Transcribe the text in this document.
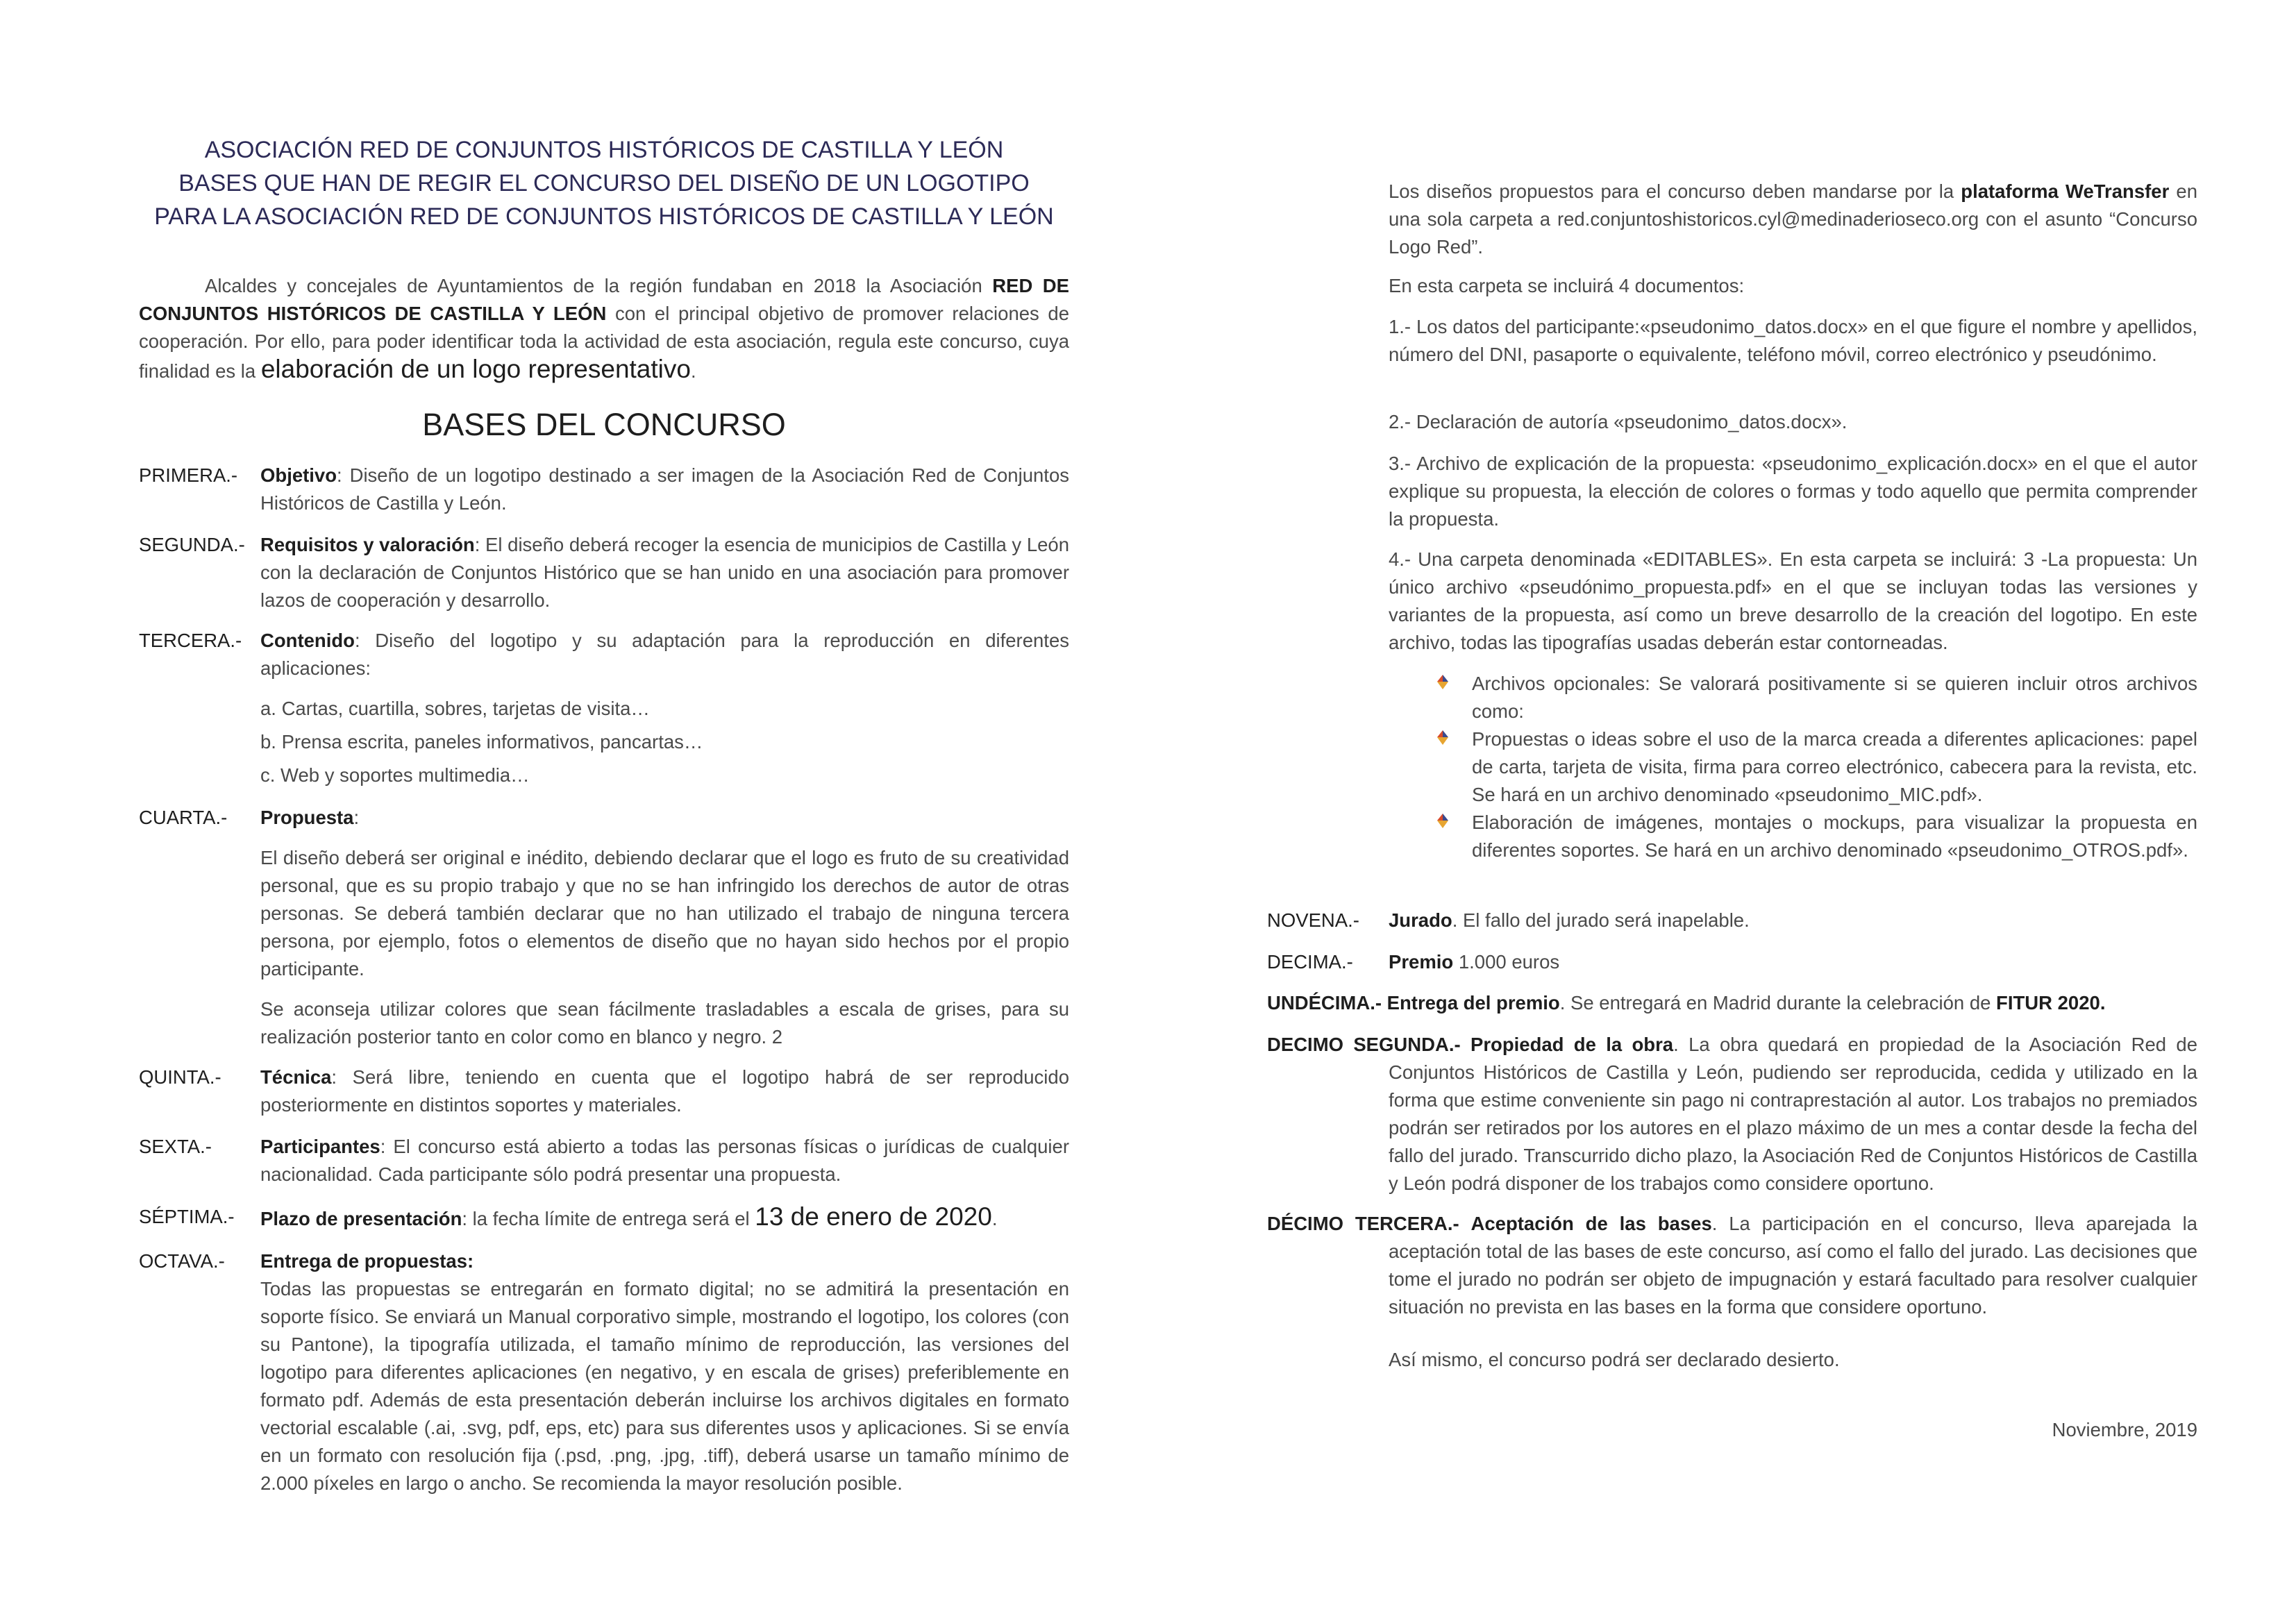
ASOCIACIÓN RED DE CONJUNTOS HISTÓRICOS DE CASTILLA Y LEÓN
BASES QUE HAN DE REGIR EL CONCURSO DEL DISEÑO DE UN LOGOTIPO
PARA LA ASOCIACIÓN RED DE CONJUNTOS HISTÓRICOS DE CASTILLA Y LEÓN

Alcaldes y concejales de Ayuntamientos de la región fundaban en 2018 la Asociación RED DE CONJUNTOS HISTÓRICOS DE CASTILLA Y LEÓN con el principal objetivo de promover relaciones de cooperación. Por ello, para poder identificar toda la actividad de esta asociación, regula este concurso, cuya finalidad es la elaboración de un logo representativo.

BASES DEL CONCURSO
PRIMERA.- Objetivo: Diseño de un logotipo destinado a ser imagen de la Asociación Red de Conjuntos Históricos de Castilla y León.

SEGUNDA.- Requisitos y valoración: El diseño deberá recoger la esencia de municipios de Castilla y León con la declaración de Conjuntos Histórico que se han unido en una asociación para promover lazos de cooperación y desarrollo.

TERCERA.- Contenido: Diseño del logotipo y su adaptación para la reproducción en diferentes aplicaciones:

a. Cartas, cuartilla, sobres, tarjetas de visita…

b. Prensa escrita, paneles informativos, pancartas…

c. Web y soportes multimedia…

CUARTA.- Propuesta:

El diseño deberá ser original e inédito, debiendo declarar que el logo es fruto de su creatividad personal, que es su propio trabajo y que no se han infringido los derechos de autor de otras personas. Se deberá también declarar que no han utilizado el trabajo de ninguna tercera persona, por ejemplo, fotos o elementos de diseño que no hayan sido hechos por el propio participante.

Se aconseja utilizar colores que sean fácilmente trasladables a escala de grises, para su realización posterior tanto en color como en blanco y negro. 2

QUINTA.- Técnica: Será libre, teniendo en cuenta que el logotipo habrá de ser reproducido posteriormente en distintos soportes y materiales.

SEXTA.-	Participantes: El concurso está abierto a todas las personas físicas o jurídicas de cualquier nacionalidad. Cada participante sólo podrá presentar una propuesta.

SÉPTIMA.- Plazo de presentación: la fecha límite de entrega será el 13 de enero de 2020.

OCTAVA.- Entrega de propuestas:

Todas las propuestas se entregarán en formato digital; no se admitirá la presentación en soporte físico. Se enviará un Manual corporativo simple, mostrando el logotipo, los colores (con su Pantone), la tipografía utilizada, el tamaño mínimo de reproducción, las versiones del logotipo para diferentes aplicaciones (en negativo, y en escala de grises) preferiblemente en formato pdf. Además de esta presentación deberán incluirse los archivos digitales en formato vectorial escalable (.ai, .svg, pdf, eps, etc) para sus diferentes usos y aplicaciones. Si se envía en un formato con resolución fija (.psd, .png, .jpg, .tiff), deberá usarse un tamaño mínimo de 2.000 píxeles en largo o ancho. Se recomienda la mayor resolución posible.

Los diseños propuestos para el concurso deben mandarse por la plataforma WeTransfer en una sola carpeta a red.conjuntoshistoricos.cyl@medinaderioseco.org con el asunto “Concurso Logo Red”.

En esta carpeta se incluirá 4 documentos:

1.- Los datos del participante:«pseudonimo_datos.docx» en el que figure el nombre y apellidos, número del DNI, pasaporte o equivalente, teléfono móvil, correo electrónico y pseudónimo.

2.- Declaración de autoría «pseudonimo_datos.docx».

3.- Archivo de explicación de la propuesta: «pseudonimo_explicación.docx» en el que el autor explique su propuesta, la elección de colores o formas y todo aquello que permita comprender la propuesta.

4.- Una carpeta denominada «EDITABLES». En esta carpeta se incluirá: 3 -La propuesta: Un único archivo «pseudónimo_propuesta.pdf» en el que se incluyan todas las versiones y variantes de la propuesta, así como un breve desarrollo de la creación del logotipo. En este archivo, todas las tipografías usadas deberán estar contorneadas.

Archivos opcionales: Se valorará positivamente si se quieren incluir otros archivos como:
Propuestas o ideas sobre el uso de la marca creada a diferentes aplicaciones: papel de carta, tarjeta de visita, firma para correo electrónico, cabecera para la revista, etc. Se hará en un archivo denominado «pseudonimo_MIC.pdf».
Elaboración de imágenes, montajes o mockups, para visualizar la propuesta en diferentes soportes. Se hará en un archivo denominado «pseudonimo_OTROS.pdf».
NOVENA.- Jurado. El fallo del jurado será inapelable.

DECIMA.- Premio 1.000 euros

UNDÉCIMA.- Entrega del premio. Se entregará en Madrid durante la celebración de FITUR 2020.

DECIMO SEGUNDA.- Propiedad de la obra. La obra quedará en propiedad de la Asociación Red de Conjuntos Históricos de Castilla y León, pudiendo ser reproducida, cedida y utilizado en la forma que estime conveniente sin pago ni contraprestación al autor. Los trabajos no premiados podrán ser retirados por los autores en el plazo máximo de un mes a contar desde la fecha del fallo del jurado. Transcurrido dicho plazo, la Asociación Red de Conjuntos Históricos de Castilla y León podrá disponer de los trabajos como considere oportuno.

DÉCIMO TERCERA.- Aceptación de las bases. La participación en el concurso, lleva aparejada la aceptación total de las bases de este concurso, así como el fallo del jurado. Las decisiones que tome el jurado no podrán ser objeto de impugnación y estará facultado para resolver cualquier situación no prevista en las bases en la forma que considere oportuno.

Así mismo, el concurso podrá ser declarado desierto.

Noviembre, 2019
